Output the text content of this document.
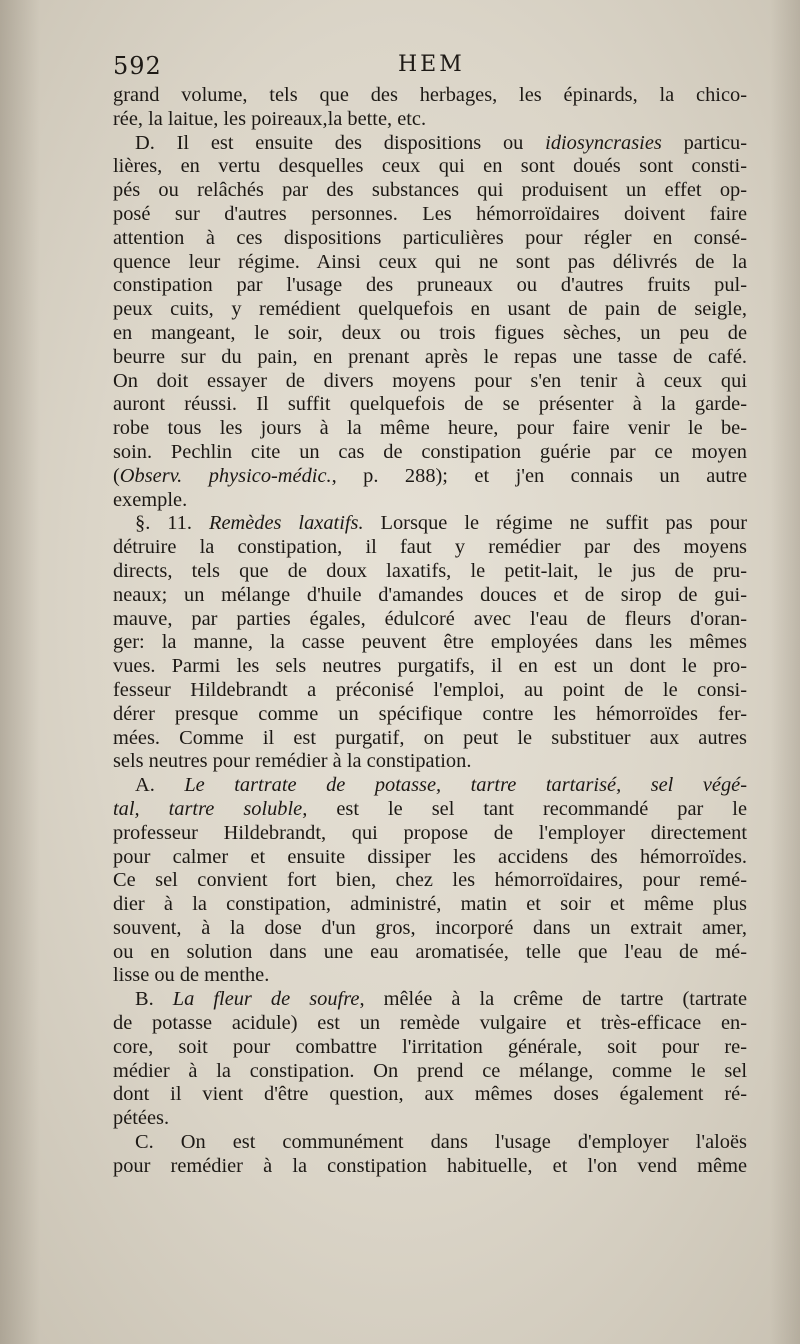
592	HEM
grand volume, tels que des herbages, les épinards, la chico-
rée, la laitue, les poireaux,la bette, etc.
D. Il est ensuite des dispositions ou idiosyncrasies particu-
lières, en vertu desquelles ceux qui en sont doués sont consti-
pés ou relâchés par des substances qui produisent un effet op-
posé sur d'autres personnes. Les hémorroïdaires doivent faire
attention à ces dispositions particulières pour régler en consé-
quence leur régime. Ainsi ceux qui ne sont pas délivrés de la
constipation par l'usage des pruneaux ou d'autres fruits pul-
peux cuits, y remédient quelquefois en usant de pain de seigle,
en mangeant, le soir, deux ou trois figues sèches, un peu de
beurre sur du pain, en prenant après le repas une tasse de café.
On doit essayer de divers moyens pour s'en tenir à ceux qui
auront réussi. Il suffit quelquefois de se présenter à la garde-
robe tous les jours à la même heure, pour faire venir le be-
soin. Pechlin cite un cas de constipation guérie par ce moyen
(Observ. physico-médic., p. 288); et j'en connais un autre
exemple.
§. 11. Remèdes laxatifs. Lorsque le régime ne suffit pas pour
détruire la constipation, il faut y remédier par des moyens
directs, tels que de doux laxatifs, le petit-lait, le jus de pru-
neaux; un mélange d'huile d'amandes douces et de sirop de gui-
mauve, par parties égales, édulcoré avec l'eau de fleurs d'oran-
ger: la manne, la casse peuvent être employées dans les mêmes
vues. Parmi les sels neutres purgatifs, il en est un dont le pro-
fesseur Hildebrandt a préconisé l'emploi, au point de le consi-
dérer presque comme un spécifique contre les hémorroïdes fer-
mées. Comme il est purgatif, on peut le substituer aux autres
sels neutres pour remédier à la constipation.
A. Le tartrate de potasse, tartre tartarisé, sel végé-
tal, tartre soluble, est le sel tant recommandé par le
professeur Hildebrandt, qui propose de l'employer directement
pour calmer et ensuite dissiper les accidens des hémorroïdes.
Ce sel convient fort bien, chez les hémorroïdaires, pour remé-
dier à la constipation, administré, matin et soir et même plus
souvent, à la dose d'un gros, incorporé dans un extrait amer,
ou en solution dans une eau aromatisée, telle que l'eau de mé-
lisse ou de menthe.
B. La fleur de soufre, mêlée à la crême de tartre (tartrate
de potasse acidule) est un remède vulgaire et très-efficace en-
core, soit pour combattre l'irritation générale, soit pour re-
médier à la constipation. On prend ce mélange, comme le sel
dont il vient d'être question, aux mêmes doses également ré-
pétées.
C. On est communément dans l'usage d'employer l'aloës
pour remédier à la constipation habituelle, et l'on vend même
